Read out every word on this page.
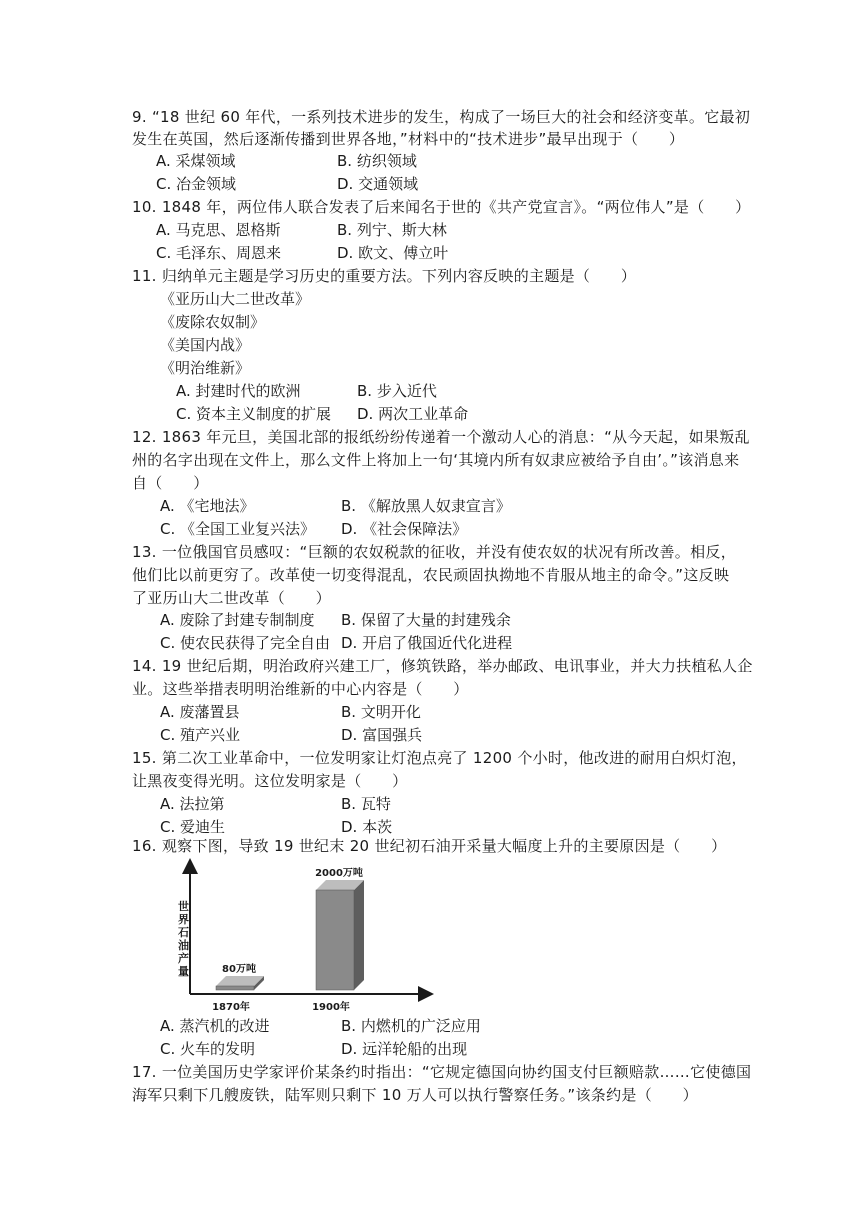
9. “18 世纪 60 年代，一系列技术进步的发生，构成了一场巨大的社会和经济变革。它最初
发生在英国，然后逐渐传播到世界各地，”材料中的“技术进步”最早出现于（　　）
A. 采煤领域	B. 纺织领域
C. 冶金领域	D. 交通领域
10. 1848 年，两位伟人联合发表了后来闻名于世的《共产党宣言》。“两位伟人”是（　　）
A. 马克思、恩格斯	B. 列宁、斯大林
C. 毛泽东、周恩来	D. 欧文、傅立叶
11. 归纳单元主题是学习历史的重要方法。下列内容反映的主题是（　　）
《亚历山大二世改革》
《废除农奴制》
《美国内战》
《明治维新》
A. 封建时代的欧洲	B. 步入近代
C. 资本主义制度的扩展 D. 两次工业革命
12. 1863 年元旦，美国北部的报纸纷纷传递着一个激动人心的消息：“从今天起，如果叛乱
州的名字出现在文件上，那么文件上将加上一句‘其境内所有奴隶应被给予自由’。”该消息来
自（　　）
A. 《宅地法》	B. 《解放黑人奴隶宣言》
C. 《全国工业复兴法》 D. 《社会保障法》
13. 一位俄国官员感叹：“巨额的农奴税款的征收，并没有使农奴的状况有所改善。相反，
他们比以前更穷了。改革使一切变得混乱，农民顽固执拗地不肯服从地主的命令。”这反映
了亚历山大二世改革（　　）
A. 废除了封建专制制度 B. 保留了大量的封建残余
C. 使农民获得了完全自由 D. 开启了俄国近代化进程
14. 19 世纪后期，明治政府兴建工厂，修筑铁路，举办邮政、电讯事业，并大力扶植私人企
业。这些举措表明明治维新的中心内容是（　　）
A. 废藩置县	B. 文明开化
C. 殖产兴业	D. 富国强兵
15. 第二次工业革命中，一位发明家让灯泡点亮了 1200 个小时，他改进的耐用白炽灯泡，
让黑夜变得光明。这位发明家是（　　）
A. 法拉第	B. 瓦特
C. 爱迪生	D. 本茨
16. 观察下图，导致 19 世纪末 20 世纪初石油开采量大幅度上升的主要原因是（　　）
世界石油产量	80万吨
1870年
2000万吨
1900年
A. 蒸汽机的改进	B. 内燃机的广泛应用
C. 火车的发明	D. 远洋轮船的出现
17. 一位美国历史学家评价某条约时指出：“它规定德国向协约国支付巨额赔款……它使德国
海军只剩下几艘废铁，陆军则只剩下 10 万人可以执行警察任务。”该条约是（　　）
